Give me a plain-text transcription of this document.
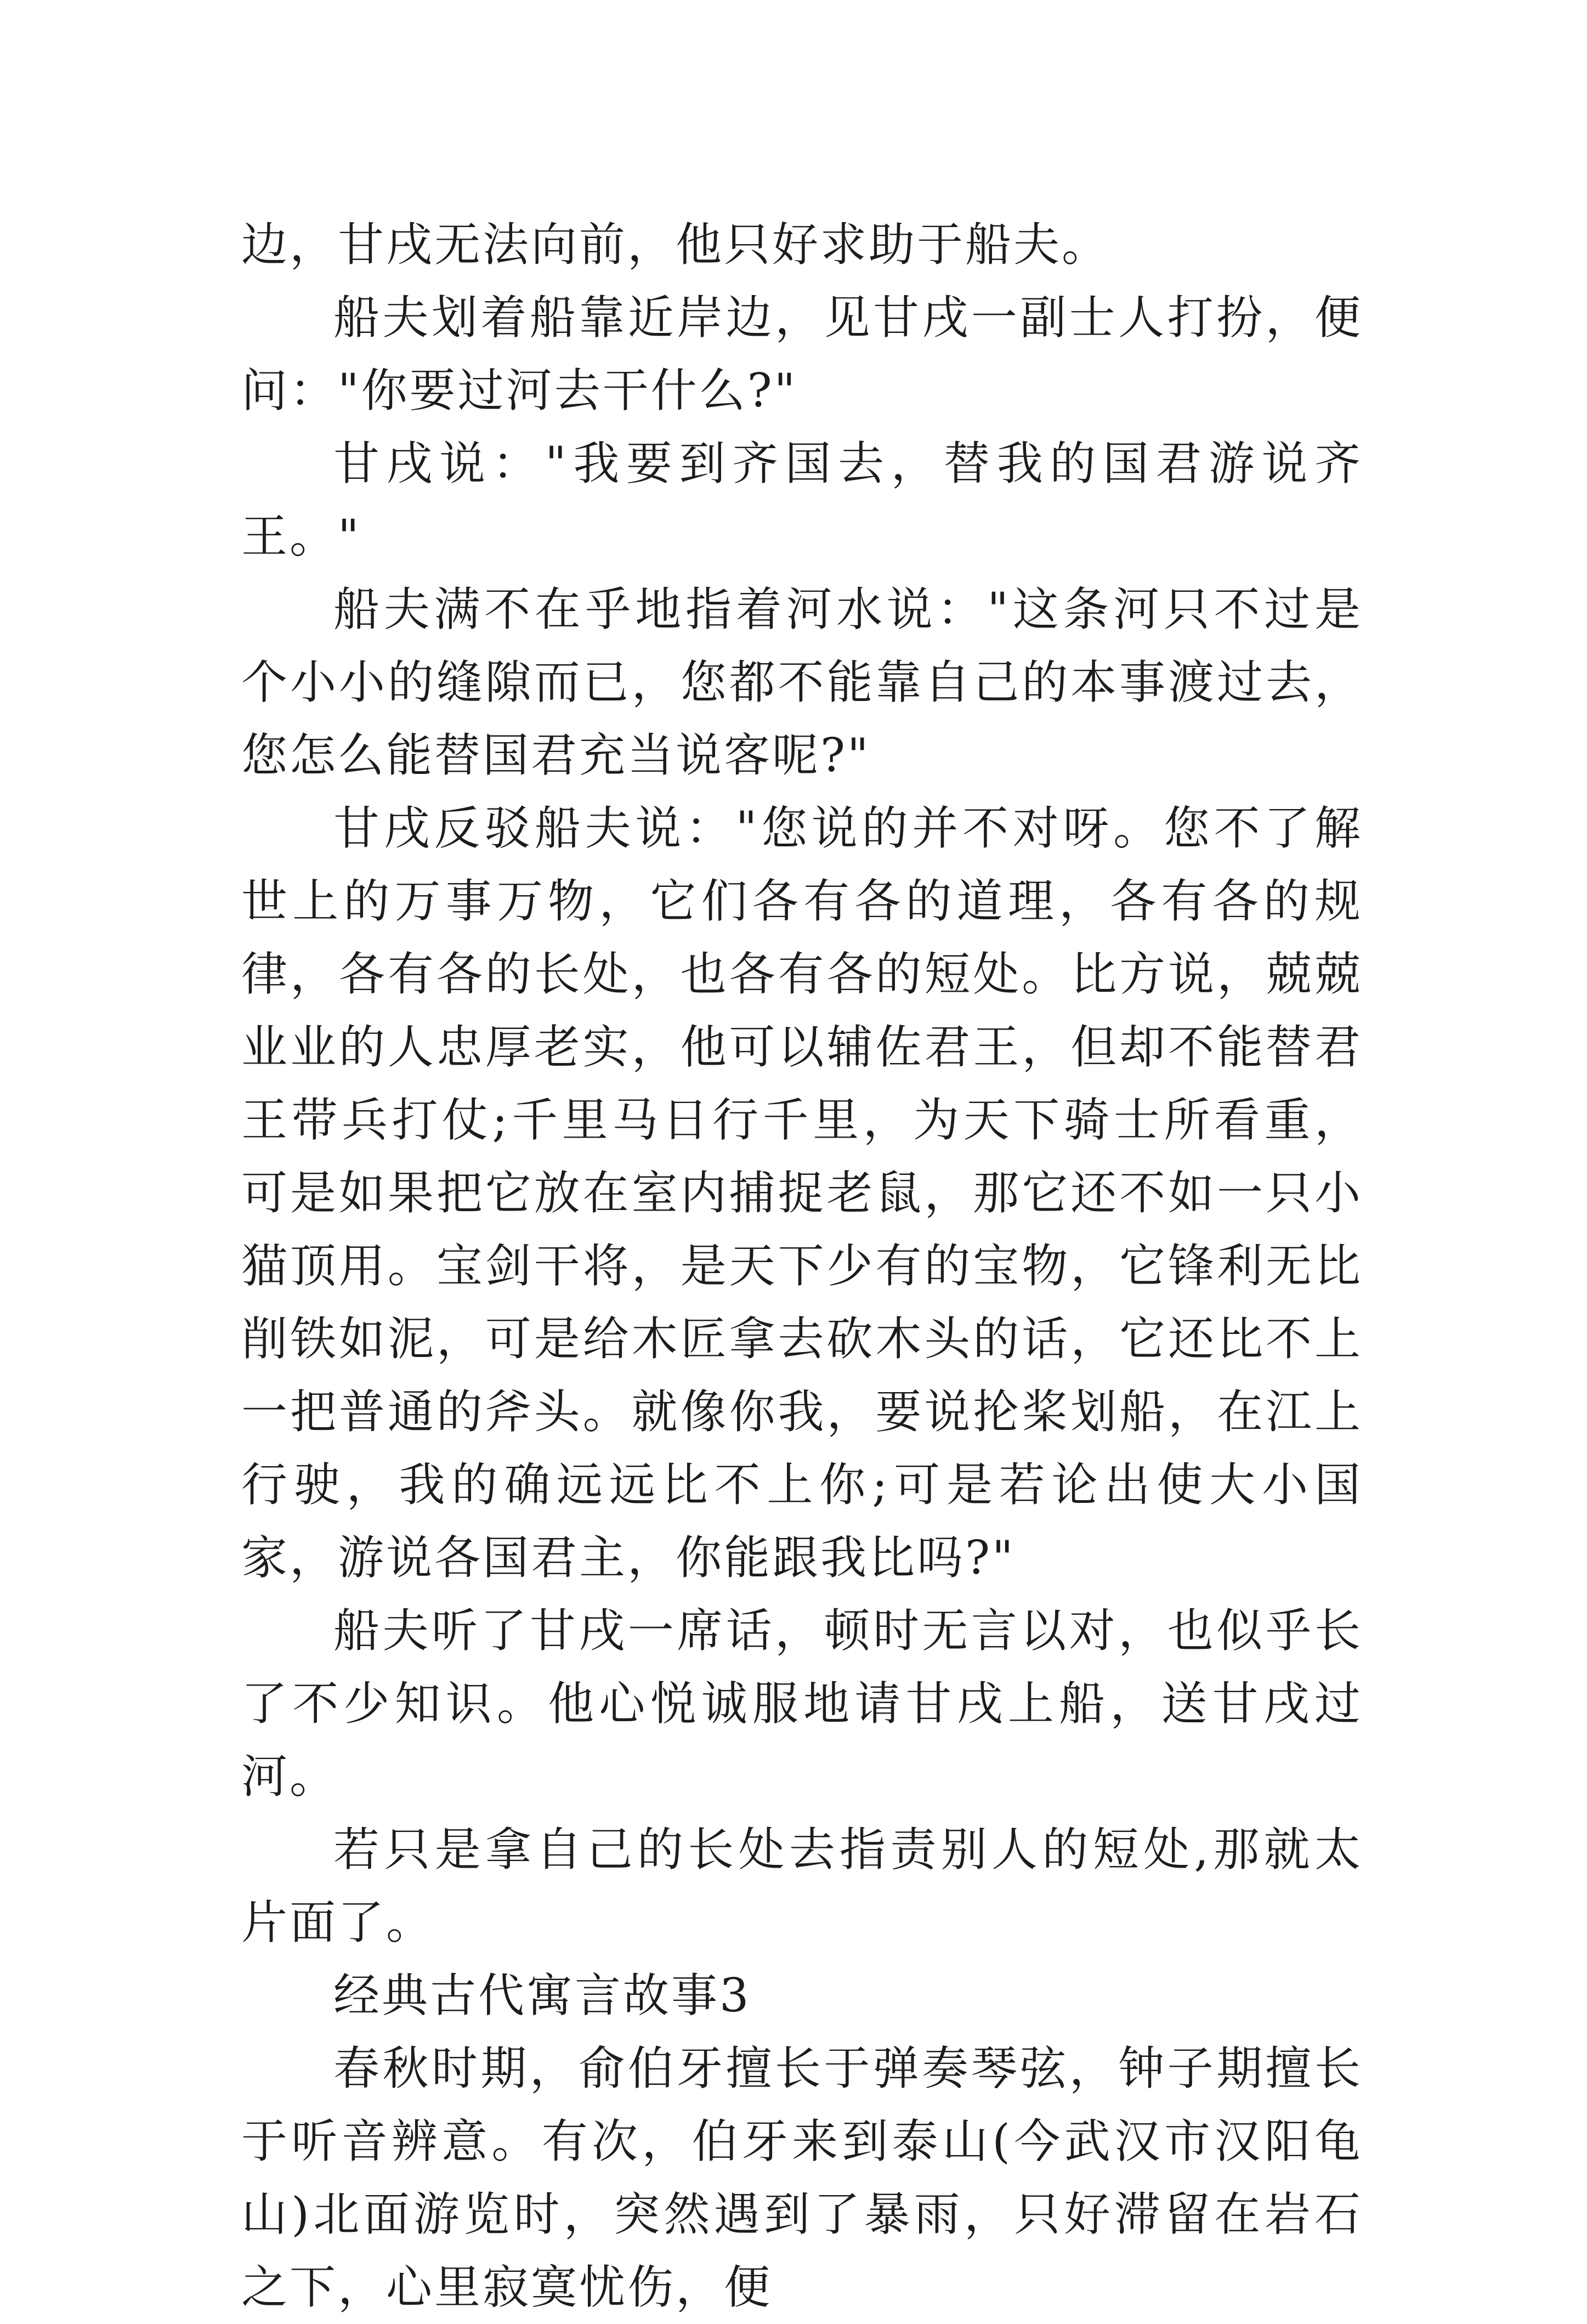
边，甘戌无法向前，他只好求助于船夫。

船夫划着船靠近岸边，见甘戌一副士人打扮，便问："你要过河去干什么?"

甘戌说："我要到齐国去，替我的国君游说齐王。"

船夫满不在乎地指着河水说："这条河只不过是个小小的缝隙而已，您都不能靠自己的本事渡过去，您怎么能替国君充当说客呢?"

甘戌反驳船夫说："您说的并不对呀。您不了解世上的万事万物，它们各有各的道理，各有各的规律，各有各的长处，也各有各的短处。比方说，兢兢业业的人忠厚老实，他可以辅佐君王，但却不能替君王带兵打仗;千里马日行千里，为天下骑士所看重，可是如果把它放在室内捕捉老鼠，那它还不如一只小猫顶用。宝剑干将，是天下少有的宝物，它锋利无比削铁如泥，可是给木匠拿去砍木头的话，它还比不上一把普通的斧头。就像你我，要说抡桨划船，在江上行驶，我的确远远比不上你;可是若论出使大小国家，游说各国君主，你能跟我比吗?"

船夫听了甘戌一席话，顿时无言以对，也似乎长了不少知识。他心悦诚服地请甘戌上船，送甘戌过河。

若只是拿自己的长处去指责别人的短处,那就太片面了。

经典古代寓言故事3

春秋时期，俞伯牙擅长于弹奏琴弦，钟子期擅长于听音辨意。有次，伯牙来到泰山(今武汉市汉阳龟山)北面游览时，突然遇到了暴雨，只好滞留在岩石之下，心里寂寞忧伤，便
